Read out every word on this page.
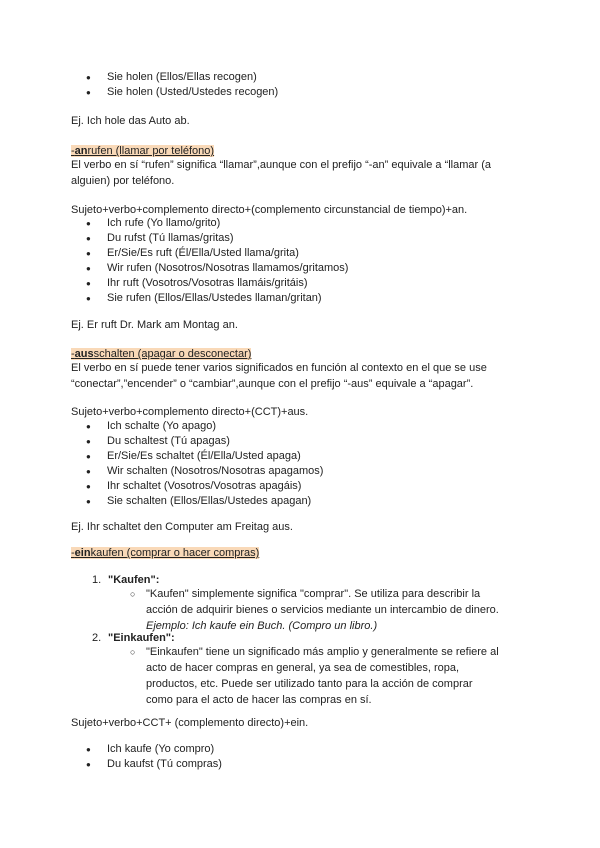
● Sie holen (Ellos/Ellas recogen)
● Sie holen (Usted/Ustedes recogen)
Ej. Ich hole das Auto ab.
-anrufen (llamar por teléfono)
El verbo en sí “rufen” significa “llamar”,aunque con el prefijo “-an” equivale a “llamar (a alguien) por teléfono.
Sujeto+verbo+complemento directo+(complemento circunstancial de tiempo)+an.
● Ich rufe (Yo llamo/grito)
● Du rufst (Tú llamas/gritas)
● Er/Sie/Es ruft (Él/Ella/Usted llama/grita)
● Wir rufen (Nosotros/Nosotras llamamos/gritamos)
● Ihr ruft (Vosotros/Vosotras llamáis/gritáis)
● Sie rufen (Ellos/Ellas/Ustedes llaman/gritan)
Ej. Er ruft Dr. Mark am Montag an.
-ausschalten (apagar o desconectar)
El verbo en sí puede tener varios significados en función al contexto en el que se use “conectar”,”encender” o “cambiar”,aunque con el prefijo “-aus” equivale a “apagar”.
Sujeto+verbo+complemento directo+(CCT)+aus.
● Ich schalte (Yo apago)
● Du schaltest (Tú apagas)
● Er/Sie/Es schaltet (Él/Ella/Usted apaga)
● Wir schalten (Nosotros/Nosotras apagamos)
● Ihr schaltet (Vosotros/Vosotras apagáis)
● Sie schalten (Ellos/Ellas/Ustedes apagan)
Ej. Ihr schaltet den Computer am Freitag aus.
-einkaufen (comprar o hacer compras)
1. "Kaufen":
○ "Kaufen" simplemente significa "comprar". Se utiliza para describir la acción de adquirir bienes o servicios mediante un intercambio de dinero.
Ejemplo: Ich kaufe ein Buch. (Compro un libro.)
2. "Einkaufen":
○ "Einkaufen" tiene un significado más amplio y generalmente se refiere al acto de hacer compras en general, ya sea de comestibles, ropa, productos, etc. Puede ser utilizado tanto para la acción de comprar como para el acto de hacer las compras en sí.
Sujeto+verbo+CCT+ (complemento directo)+ein.
● Ich kaufe (Yo compro)
● Du kaufst (Tú compras)
